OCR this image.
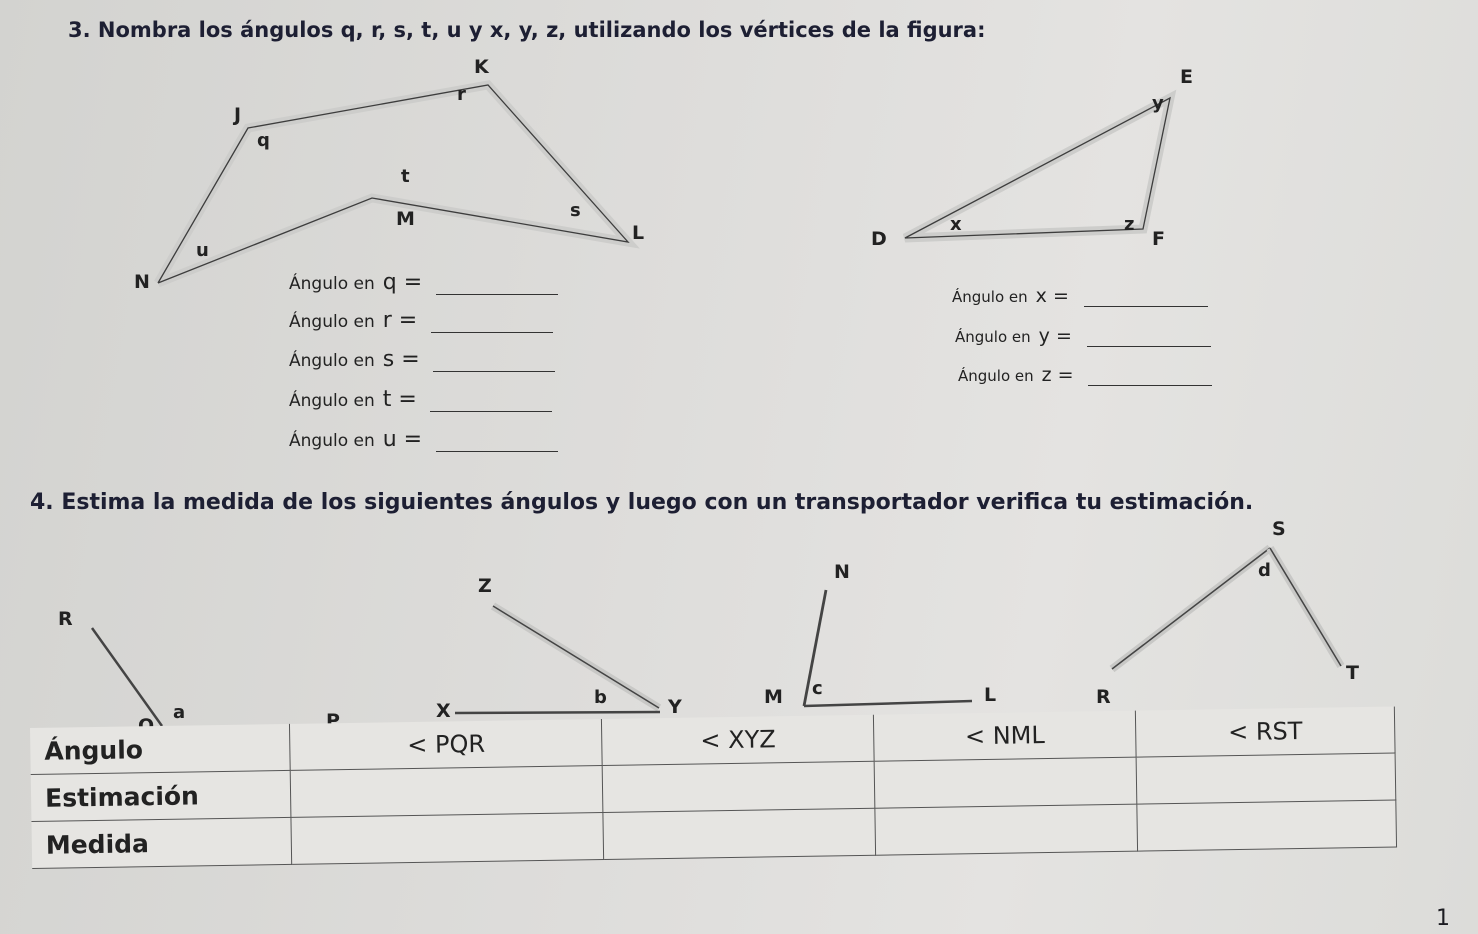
3. Nombra los ángulos q, r, s, t, u y x, y, z, utilizando los vértices de la figura:
K
J
M
N
L
r
q
t
s
u
E
D	F
y
x	z
Ángulo en q =
Ángulo en r =
Ángulo en s =
Ángulo en t =
Ángulo en u =
Ángulo en x =
Ángulo en y =
Ángulo en z =
4. Estima la medida de los siguientes ángulos y luego con un transportador verifica tu estimación.
R
a	P
Z
X
b	Y
N
M c	L
S
d
T
R
Ángulo	< PQR	< XYZ	< NML	< RST
Estimación				
Medida				
1
